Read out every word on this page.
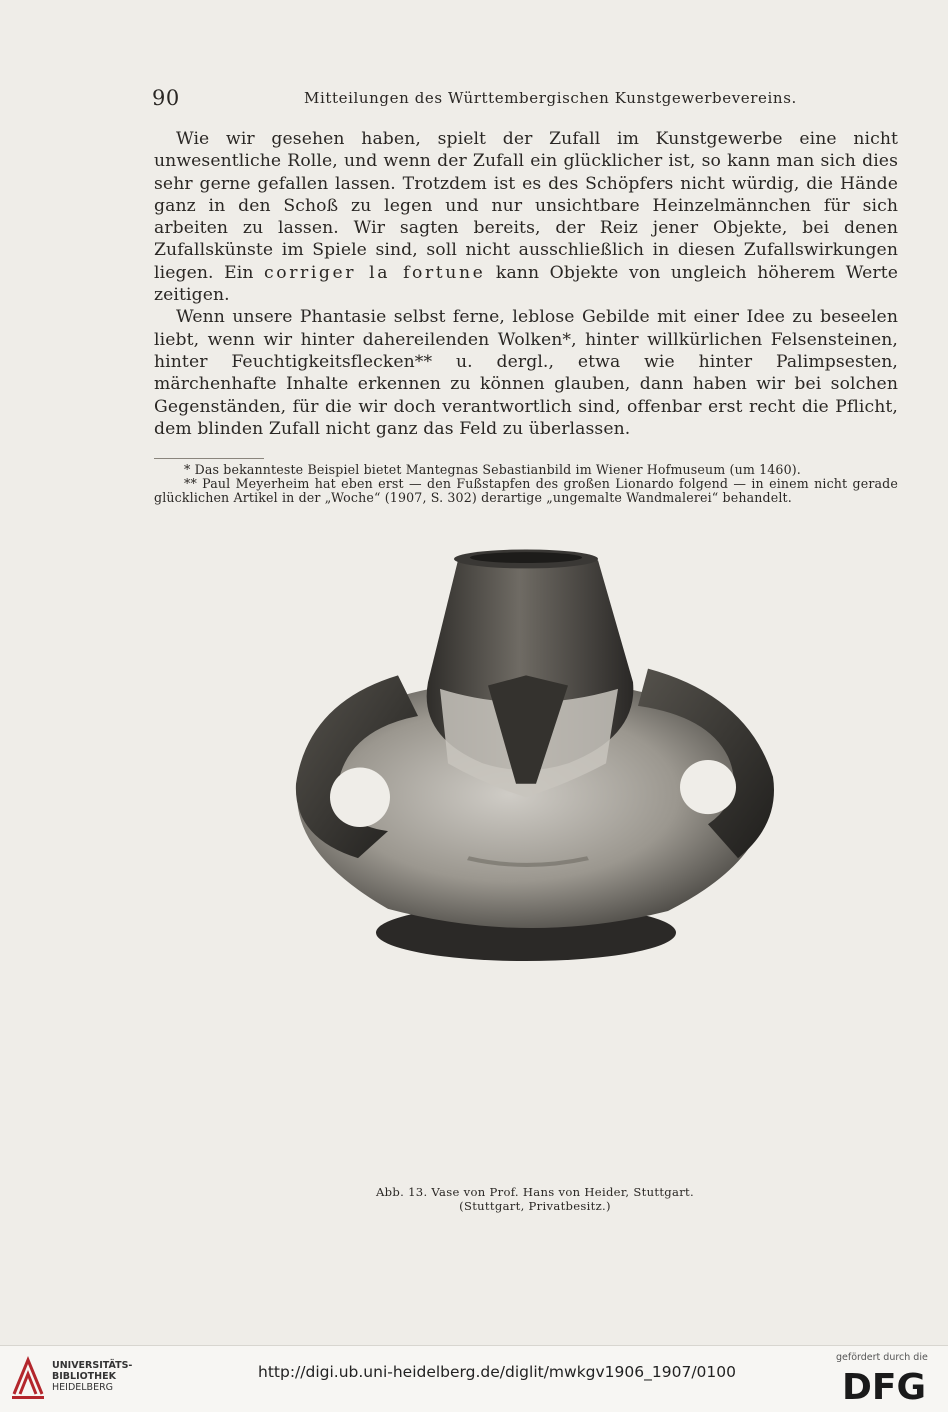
90	Mitteilungen des Württembergischen Kunstgewerbevereins.

Wie wir gesehen haben, spielt der Zufall im Kunstgewerbe eine nicht unwesentliche Rolle, und wenn der Zufall ein glücklicher ist, so kann man sich dies sehr gerne gefallen lassen. Trotzdem ist es des Schöpfers nicht würdig, die Hände ganz in den Schoß zu legen und nur unsichtbare Heinzelmännchen für sich arbeiten zu lassen. Wir sagten bereits, der Reiz jener Objekte, bei denen Zufallskünste im Spiele sind, soll nicht ausschließlich in diesen Zufallswirkungen liegen. Ein corriger la fortune kann Objekte von ungleich höherem Werte zeitigen.

Wenn unsere Phantasie selbst ferne, leblose Gebilde mit einer Idee zu beseelen liebt, wenn wir hinter dahereilenden Wolken*, hinter willkürlichen Felsensteinen, hinter Feuchtigkeitsflecken** u. dergl., etwa wie hinter Palimpsesten, märchenhafte Inhalte erkennen zu können glauben, dann haben wir bei solchen Gegenständen, für die wir doch verantwortlich sind, offenbar erst recht die Pflicht, dem blinden Zufall nicht ganz das Feld zu überlassen.

* Das bekannteste Beispiel bietet Mantegnas Sebastianbild im Wiener Hofmuseum (um 1460).

** Paul Meyerheim hat eben erst — den Fußstapfen des großen Lionardo folgend — in einem nicht gerade glücklichen Artikel in der „Woche“ (1907, S. 302) derartige „ungemalte Wandmalerei“ behandelt.

Abb. 13. Vase von Prof. Hans von Heider, Stuttgart.
(Stuttgart, Privatbesitz.)
UNIVERSITÄTS-
BIBLIOTHEK
HEIDELBERG
http://digi.ub.uni-heidelberg.de/diglit/mwkgv1906_1907/0100
gefördert durch die
DFG
